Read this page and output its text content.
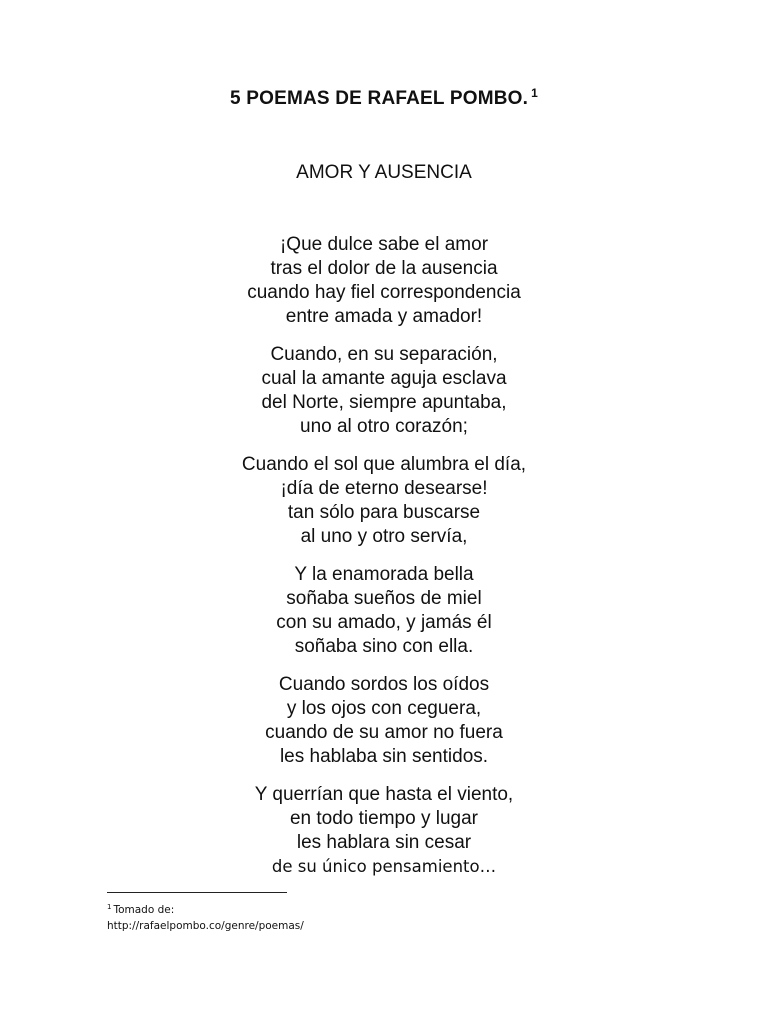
5 POEMAS DE RAFAEL POMBO. $^1$
AMOR Y AUSENCIA
¡Que dulce sabe el amor
tras el dolor de la ausencia
cuando hay fiel correspondencia
entre amada y amador!
Cuando, en su separación,
cual la amante aguja esclava
del Norte, siempre apuntaba,
uno al otro corazón;
Cuando el sol que alumbra el día,
¡día de eterno desearse!
tan sólo para buscarse
al uno y otro servía,
Y la enamorada bella
soñaba sueños de miel
con su amado, y jamás él
soñaba sino con ella.
Cuando sordos los oídos
y los ojos con ceguera,
cuando de su amor no fuera
les hablaba sin sentidos.
Y querrían que hasta el viento,
en todo tiempo y lugar
les hablara sin cesar
de su único pensamiento…
$^1$ Tomado de:
http://rafaelpombo.co/genre/poemas/
